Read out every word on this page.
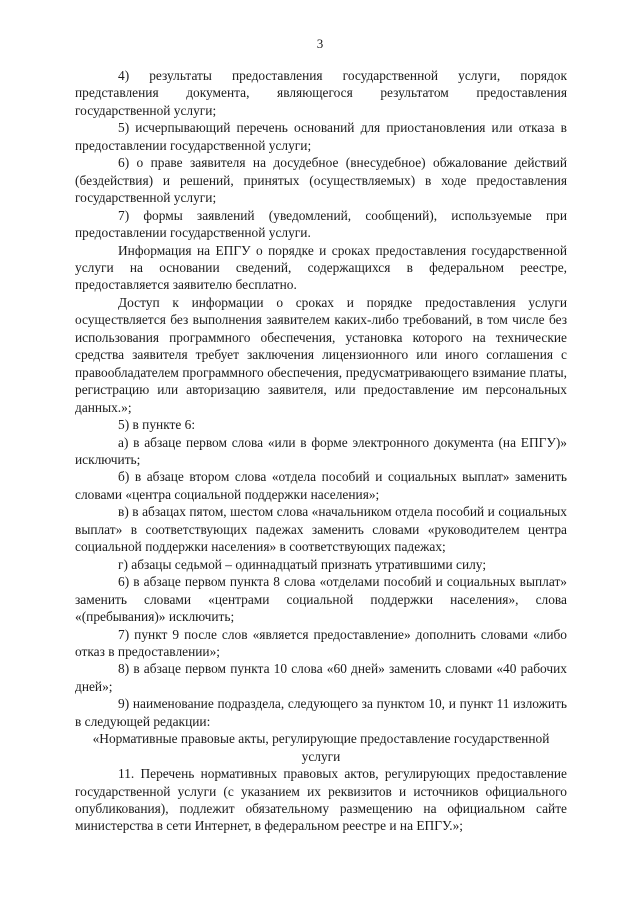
3

4) результаты предоставления государственной услуги, порядок представления документа, являющегося результатом предоставления государственной услуги;

5) исчерпывающий перечень оснований для приостановления или отказа в предоставлении государственной услуги;

6) о праве заявителя на досудебное (внесудебное) обжалование действий (бездействия) и решений, принятых (осуществляемых) в ходе предоставления государственной услуги;

7) формы заявлений (уведомлений, сообщений), используемые при предоставлении государственной услуги.

Информация на ЕПГУ о порядке и сроках предоставления государственной услуги на основании сведений, содержащихся в федеральном реестре, предоставляется заявителю бесплатно.

Доступ к информации о сроках и порядке предоставления услуги осуществляется без выполнения заявителем каких-либо требований, в том числе без использования программного обеспечения, установка которого на технические средства заявителя требует заключения лицензионного или иного соглашения с правообладателем программного обеспечения, предусматривающего взимание платы, регистрацию или авторизацию заявителя, или предоставление им персональных данных.»;

5) в пункте 6:

а) в абзаце первом слова «или в форме электронного документа (на ЕПГУ)» исключить;

б) в абзаце втором слова «отдела пособий и социальных выплат» заменить словами «центра социальной поддержки населения»;

в) в абзацах пятом, шестом слова «начальником отдела пособий и социальных выплат» в соответствующих падежах заменить словами «руководителем центра социальной поддержки населения» в соответствующих падежах;

г) абзацы седьмой – одиннадцатый признать утратившими силу;

6) в абзаце первом пункта 8 слова «отделами пособий и социальных выплат» заменить словами «центрами социальной поддержки населения», слова «(пребывания)» исключить;

7) пункт 9 после слов «является предоставление» дополнить словами «либо отказ в предоставлении»;

8) в абзаце первом пункта 10 слова «60 дней» заменить словами «40 рабочих дней»;

9) наименование подраздела, следующего за пунктом 10, и пункт 11 изложить в следующей редакции:

«Нормативные правовые акты, регулирующие предоставление государственной услуги

11. Перечень нормативных правовых актов, регулирующих предоставление государственной услуги (с указанием их реквизитов и источников официального опубликования), подлежит обязательному размещению на официальном сайте министерства в сети Интернет, в федеральном реестре и на ЕПГУ.»;
